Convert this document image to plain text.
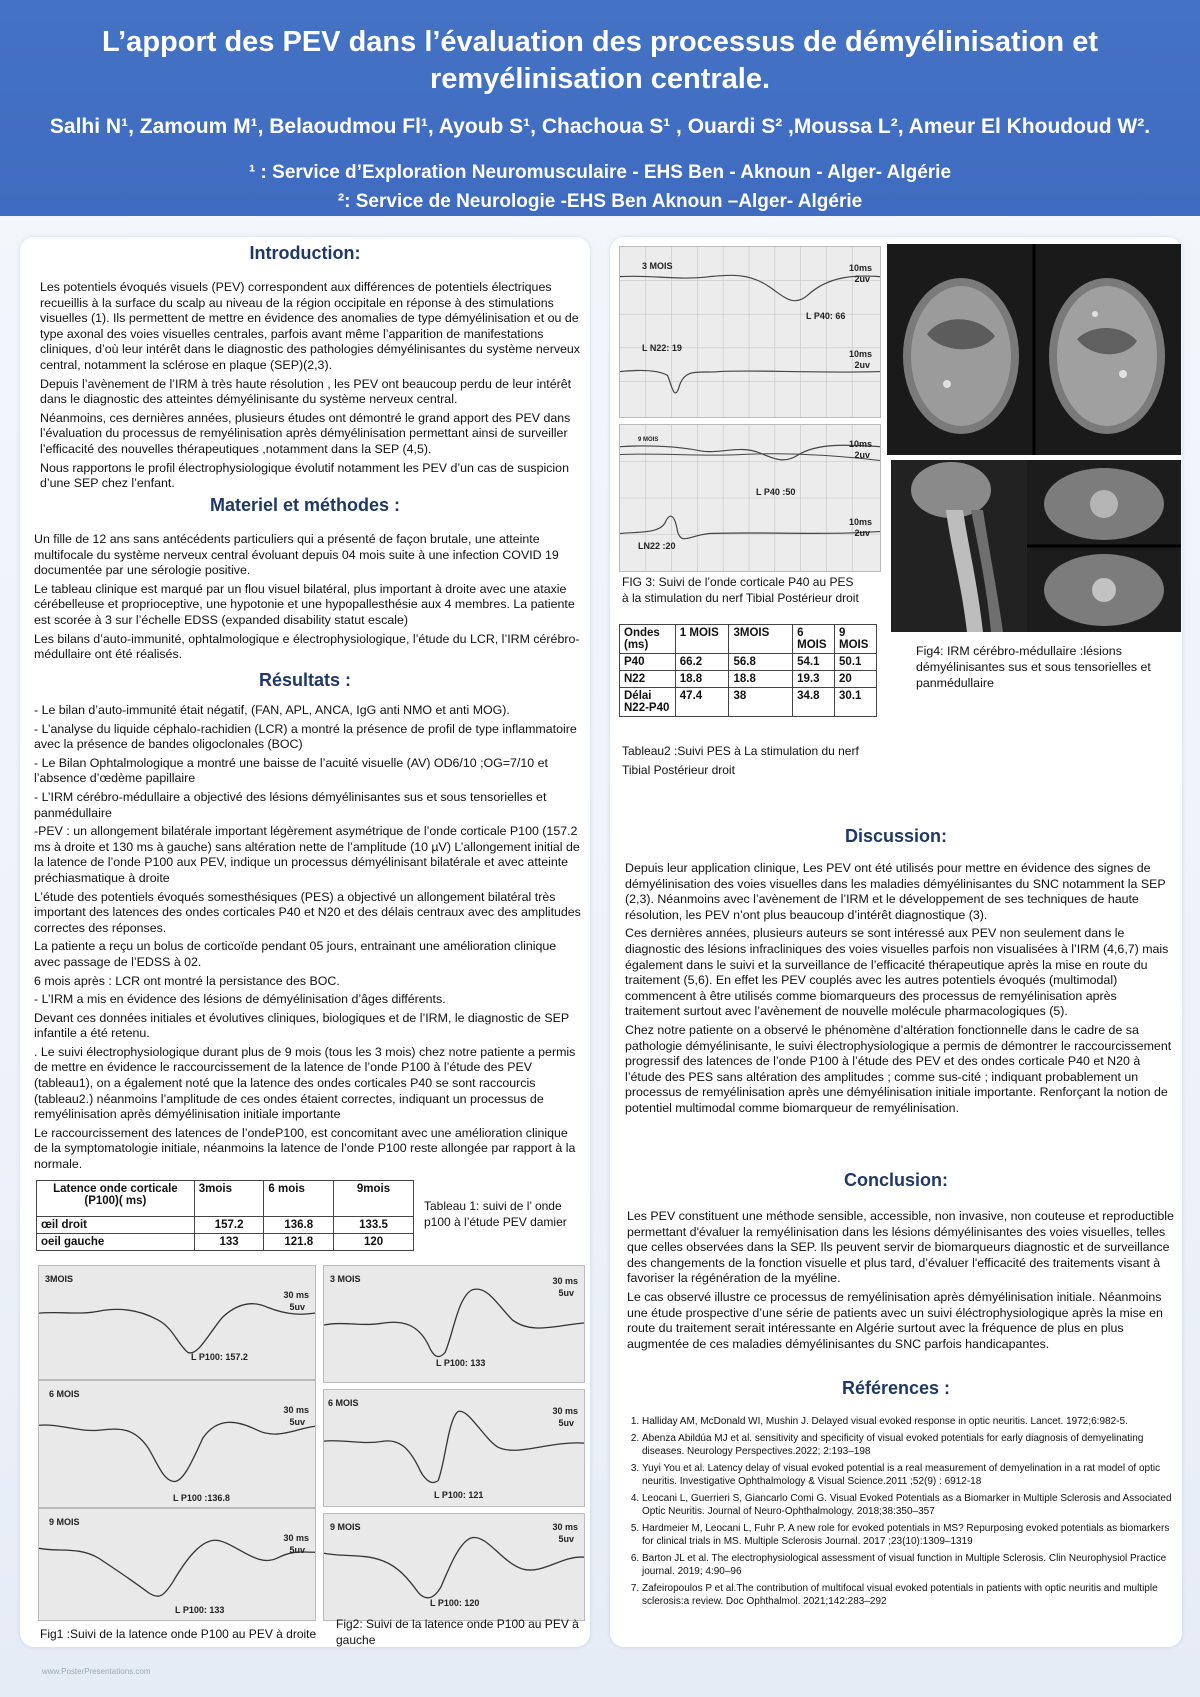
L’apport des PEV dans l’évaluation des processus de démyélinisation et remyélinisation centrale.
Salhi N¹, Zamoum M¹, Belaoudmou Fl¹, Ayoub S¹, Chachoua S¹ , Ouardi S² ,Moussa L², Ameur El Khoudoud W².
¹ : Service d’Exploration Neuromusculaire - EHS Ben - Aknoun - Alger- Algérie
²: Service de Neurologie -EHS Ben Aknoun –Alger- Algérie
Introduction:

Les potentiels évoqués visuels (PEV) correspondent aux différences de potentiels électriques recueillis à la surface du scalp au niveau de la région occipitale en réponse à des stimulations visuelles (1). Ils permettent de mettre en évidence des anomalies de type démyélinisation et ou de type axonal des voies visuelles centrales, parfois avant même l’apparition de manifestations cliniques, d’où leur intérêt dans le diagnostic des pathologies démyélinisantes du système nerveux central, notamment la sclérose en plaque (SEP)(2,3).

Depuis l’avènement de l’IRM à très haute résolution , les PEV ont beaucoup perdu de leur intérêt dans le diagnostic des atteintes démyélinisante du système nerveux central.

Néanmoins, ces dernières années, plusieurs études ont démontré le grand apport des PEV dans l’évaluation du processus de remyélinisation après démyélinisation permettant ainsi de surveiller l’efficacité des nouvelles thérapeutiques ,notamment dans la SEP (4,5).

Nous rapportons le profil électrophysiologique évolutif notamment les PEV d’un cas de suspicion d’une SEP chez l’enfant.

Materiel et méthodes :

Un fille de 12 ans sans antécédents particuliers qui a présenté de façon brutale, une atteinte multifocale du système nerveux central évoluant depuis 04 mois suite à une infection COVID 19 documentée par une sérologie positive.

Le tableau clinique est marqué par un flou visuel bilatéral, plus important à droite avec une ataxie cérébelleuse et proprioceptive, une hypotonie et une hypopallesthésie aux 4 membres. La patiente est scorée à 3 sur l’échelle EDSS (expanded disability statut escale)

Les bilans d’auto-immunité, ophtalmologique e électrophysiologique, l’étude du LCR, l’IRM cérébro-médullaire ont été réalisés.

Résultats :

- Le bilan d’auto-immunité était négatif, (FAN, APL, ANCA, IgG anti NMO et anti MOG).

- L’analyse du liquide céphalo-rachidien (LCR) a montré la présence de profil de type inflammatoire avec la présence de bandes oligoclonales (BOC)

- Le Bilan Ophtalmologique a montré une baisse de l’acuité visuelle (AV) OD6/10 ;OG=7/10 et l’absence d’œdème papillaire

- L’IRM cérébro-médullaire a objectivé des lésions démyélinisantes sus et sous tensorielles et panmédullaire

-PEV : un allongement bilatérale important légèrement asymétrique de l’onde corticale P100 (157.2 ms à droite et 130 ms à gauche) sans altération nette de l’amplitude (10 µV) L’allongement initial de la latence de l’onde P100 aux PEV, indique un processus démyélinisant bilatérale et avec atteinte préchiasmatique à droite

L’étude des potentiels évoqués somesthésiques (PES) a objectivé un allongement bilatéral très important des latences des ondes corticales P40 et N20 et des délais centraux avec des amplitudes correctes des réponses.

La patiente a reçu un bolus de corticoïde pendant 05 jours, entrainant une amélioration clinique avec passage de l’EDSS à 02.

6 mois après : LCR ont montré la persistance des BOC.

- L’IRM a mis en évidence des lésions de démyélinisation d’âges différents.

Devant ces données initiales et évolutives cliniques, biologiques et de l’IRM, le diagnostic de SEP infantile a été retenu.

. Le suivi électrophysiologique durant plus de 9 mois (tous les 3 mois) chez notre patiente a permis de mettre en évidence le raccourcissement de la latence de l’onde P100 à l’étude des PEV (tableau1), on a également noté que la latence des ondes corticales P40 se sont raccourcis (tableau2.) néanmoins l’amplitude de ces ondes étaient correctes, indiquant un processus de remyélinisation après démyélinisation initiale importante

Le raccourcissement des latences de l’ondeP100, est concomitant avec une amélioration clinique de la symptomatologie initiale, néanmoins la latence de l’onde P100 reste allongée par rapport à la normale.

Latence onde corticale (P100)( ms)	3mois	6 mois	9mois
œil droit	157.2	136.8	133.5
oeil gauche	133	121.8	120
Tableau 1: suivi de l’ onde p100 à l’étude PEV damier
3MOIS
30 ms
5uv
L P100: 157.2
6 MOIS
30 ms
5uv
L P100 :136.8
9 MOIS
30 ms
5uv
L P100: 133
Fig1 :Suivi de la latence onde P100 au PEV à droite
3 MOIS	30 ms
5uv
L P100: 133
6 MOIS
30 ms
5uv
L P100: 121
9 MOIS	30 ms
5uv
L P100: 120
Fig2: Suivi de la latence onde P100 au PEV à gauche
3 MOIS	10ms
2uv
L P40: 66
L N22: 19
10ms
2uv
9 MOIS	10ms
2uv
L P40 :50
LN22 :20
10ms
2uv
FIG 3: Suivi de l’onde corticale P40 au PES
à la stimulation du nerf Tibial Postérieur droit
Ondes (ms)	1 MOIS	3MOIS	6 MOIS	9 MOIS
P40	66.2	56.8	54.1	50.1
N22	18.8	18.8	19.3	20
Délai N22-P40	47.4	38	34.8	30.1
Tableau2 :Suivi PES à La stimulation du nerf
Tibial Postérieur droit
Fig4: IRM cérébro-médullaire :lésions démyélinisantes sus et sous tensorielles et panmédullaire
Discussion:

Depuis leur application clinique, Les PEV ont été utilisés pour mettre en évidence des signes de démyélinisation des voies visuelles dans les maladies démyélinisantes du SNC notamment la SEP (2,3). Néanmoins avec l’avènement de l’IRM et le développement de ses techniques de haute résolution, les PEV n’ont plus beaucoup d’intérêt diagnostique (3).

Ces dernières années, plusieurs auteurs se sont intéressé aux PEV non seulement dans le diagnostic des lésions infracliniques des voies visuelles parfois non visualisées à l’IRM (4,6,7) mais également dans le suivi et la surveillance de l’efficacité thérapeutique après la mise en route du traitement (5,6). En effet les PEV couplés avec les autres potentiels évoqués (multimodal) commencent à être utilisés comme biomarqueurs des processus de remyélinisation après traitement surtout avec l’avènement de nouvelle molécule pharmacologiques (5).

Chez notre patiente on a observé le phénomène d’altération fonctionnelle dans le cadre de sa pathologie démyélinisante, le suivi électrophysiologique a permis de démontrer le raccourcissement progressif des latences de l’onde P100 à l’étude des PEV et des ondes corticale P40 et N20 à l’étude des PES sans altération des amplitudes ; comme sus-cité ; indiquant probablement un processus de remyélinisation après une démyélinisation initiale importante. Renforçant la notion de potentiel multimodal comme biomarqueur de remyélinisation.

Conclusion:

Les PEV constituent une méthode sensible, accessible, non invasive, non couteuse et reproductible permettant d'évaluer la remyélinisation dans les lésions démyélinisantes des voies visuelles, telles que celles observées dans la SEP. Ils peuvent servir de biomarqueurs diagnostic et de surveillance des changements de la fonction visuelle et plus tard, d’évaluer l'efficacité des traitements visant à favoriser la régénération de la myéline.

Le cas observé illustre ce processus de remyélinisation après démyélinisation initiale. Néanmoins une étude prospective d’une série de patients avec un suivi éléctrophysiologique après la mise en route du traitement serait intéressante en Algérie surtout avec la fréquence de plus en plus augmentée de ces maladies démyélinisantes du SNC parfois handicapantes.

Références :
1. Halliday AM, McDonald WI, Mushin J. Delayed visual evoked response in optic neuritis. Lancet. 1972;6:982-5.
2. Abenza Abildúa MJ et al. sensitivity and specificity of visual evoked potentials for early diagnosis of demyelinating diseases. Neurology Perspectives.2022; 2:193–198
3. Yuyi You et al. Latency delay of visual evoked potential is a real measurement of demyelination in a rat model of optic neuritis. Investigative Ophthalmology & Visual Science.2011 ;52(9) : 6912-18
4. Leocani L, Guerrieri S, Giancarlo Comi G. Visual Evoked Potentials as a Biomarker in Multiple Sclerosis and Associated Optic Neuritis. Journal of Neuro-Ophthalmology. 2018;38:350–357
5. Hardmeier M, Leocani L, Fuhr P. A new role for evoked potentials in MS? Repurposing evoked potentials as biomarkers for clinical trials in MS. Multiple Sclerosis Journal. 2017 ;23(10):1309–1319
6. Barton JL et al. The electrophysiological assessment of visual function in Multiple Sclerosis. Clin Neurophysiol Practice journal. 2019; 4:90–96
7. Zafeiropoulos P et al.The contribution of multifocal visual evoked potentials in patients with optic neuritis and multiple sclerosis:a review. Doc Ophthalmol. 2021;142:283–292
www.PosterPresentations.com
